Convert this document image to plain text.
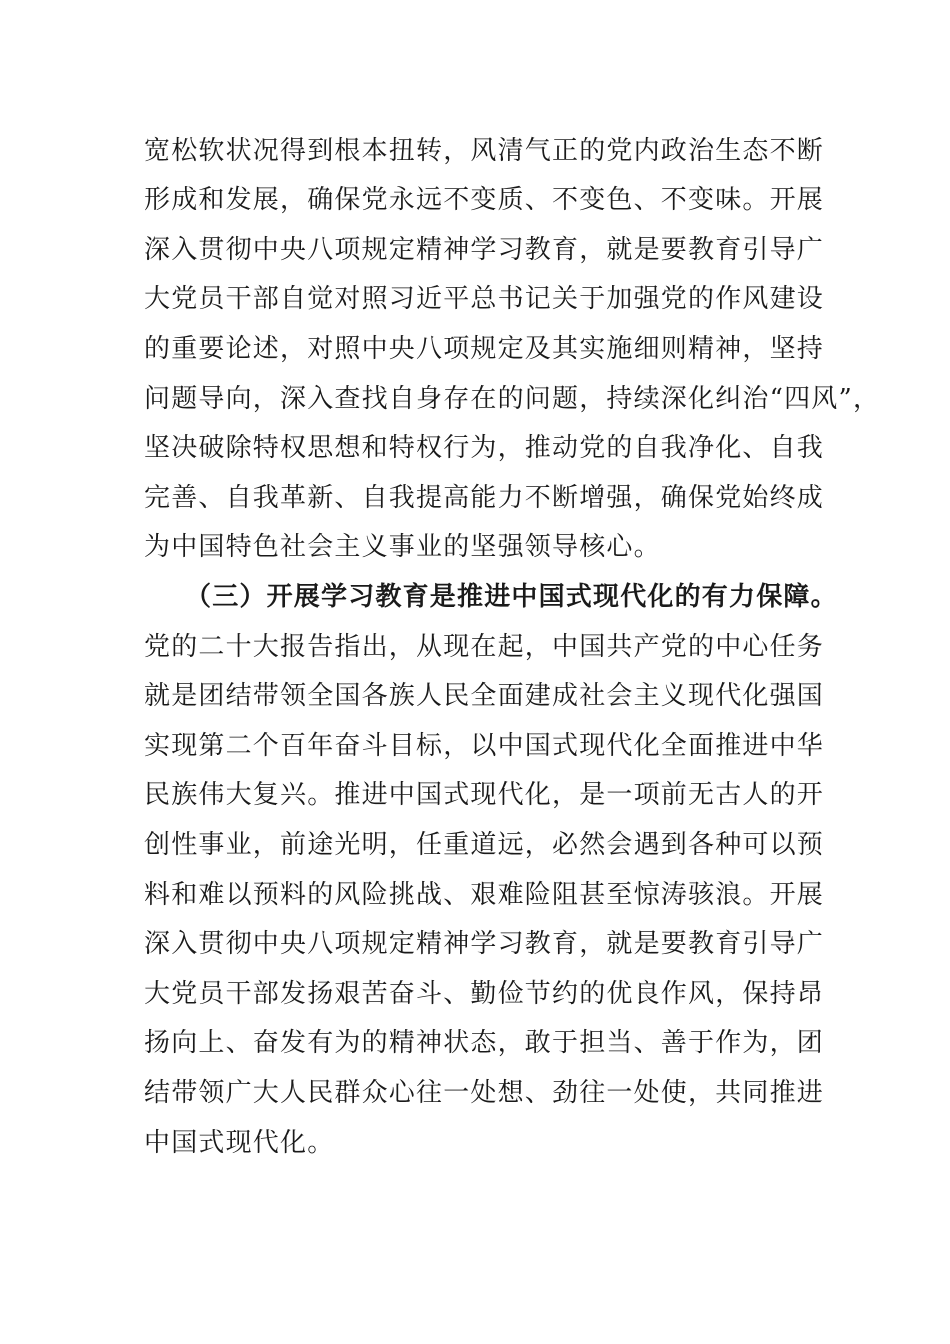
宽松软状况得到根本扭转，风清气正的党内政治生态不断
形成和发展，确保党永远不变质、不变色、不变味。开展
深入贯彻中央八项规定精神学习教育，就是要教育引导广
大党员干部自觉对照习近平总书记关于加强党的作风建设
的重要论述，对照中央八项规定及其实施细则精神，坚持
问题导向，深入查找自身存在的问题，持续深化纠治“四风”，
坚决破除特权思想和特权行为，推动党的自我净化、自我
完善、自我革新、自我提高能力不断增强，确保党始终成
为中国特色社会主义事业的坚强领导核心。
（三）开展学习教育是推进中国式现代化的有力保障。
党的二十大报告指出，从现在起，中国共产党的中心任务
就是团结带领全国各族人民全面建成社会主义现代化强国
实现第二个百年奋斗目标，以中国式现代化全面推进中华
民族伟大复兴。推进中国式现代化，是一项前无古人的开
创性事业，前途光明，任重道远，必然会遇到各种可以预
料和难以预料的风险挑战、艰难险阻甚至惊涛骇浪。开展
深入贯彻中央八项规定精神学习教育，就是要教育引导广
大党员干部发扬艰苦奋斗、勤俭节约的优良作风，保持昂
扬向上、奋发有为的精神状态，敢于担当、善于作为，团
结带领广大人民群众心往一处想、劲往一处使，共同推进
中国式现代化。
